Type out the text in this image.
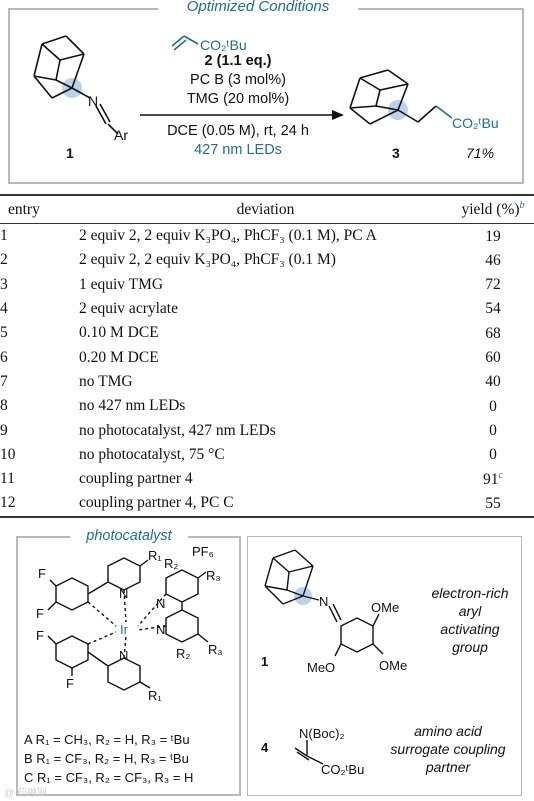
Optimized Conditions
N
Ar
1
CO₂ᵗBu
CO₂ᵗBu
3	71%
2 (1.1 eq.)
PC B (3 mol%)
TMG (20 mol%)
DCE (0.05 M), rt, 24 h
427 nm LEDs
entry	deviation	yield (%)$^b$
1	2 equiv 2, 2 equiv K₃PO₄, PhCF₃ (0.1 M), PC A	19
2	2 equiv 2, 2 equiv K₃PO₄, PhCF₃ (0.1 M)	46
3	1 equiv TMG	72
4	2 equiv acrylate	54
5	0.10 M DCE	68
6	0.20 M DCE	60
7	no TMG	40
8	no 427 nm LEDs	0
9	no photocatalyst, 427 nm LEDs	0
10	no photocatalyst, 75 °C	0
11	coupling partner 4	91$^c$
12	coupling partner 4, PC C	55
photocatalyst
Ir
N
N
N
N
F
F
F
F
R₁
R₂
PF₆
R₃
R₃
R₂
R₁
A R₁ = CH₃, R₂ = H, R₃ = ᵗBu
B R₁ = CF₃, R₂ = H, R₃ = ᵗBu
C R₁ = CF₃, R₂ = CF₃, R₃ = H
N	OMe
MeO	OMe
1
electron-rich
aryl
activating
group
N(Boc)₂
CO₂ᵗBu
4
amino acid
surrogate coupling
partner
@ 药融圈
